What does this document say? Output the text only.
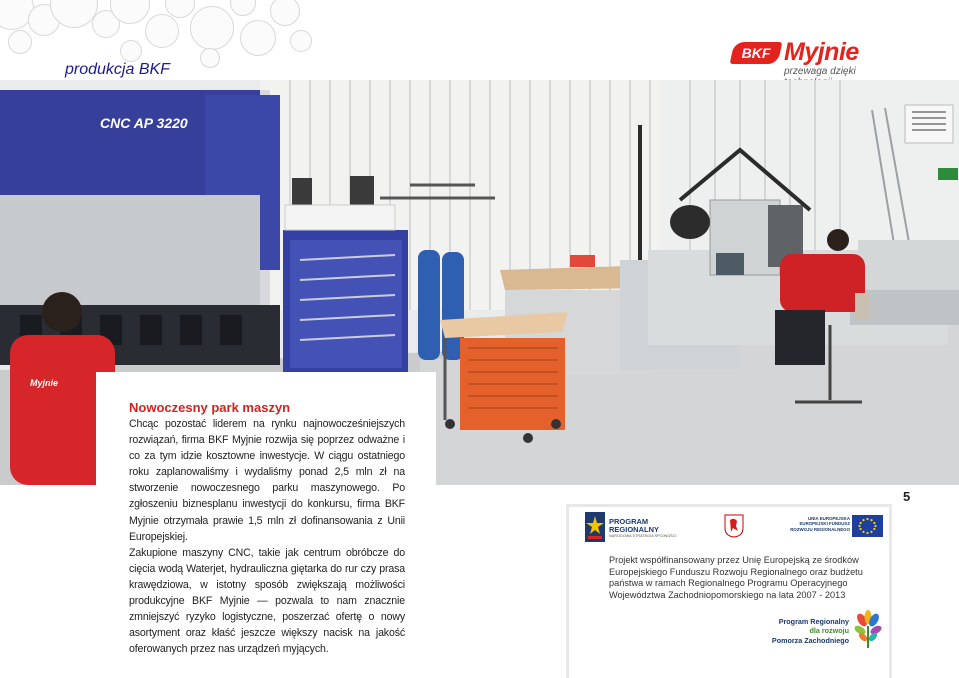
produkcja BKF
BKF Myjnie
przewaga dzięki
CNC AP 3220
Myjnie
Nowoczesny park maszyn

Chcąc pozostać liderem na rynku najnowocześniejszych rozwiązań, firma BKF Myjnie rozwija się poprzez odważne i co za tym idzie kosztowne inwestycje. W ciągu ostatniego roku zaplanowaliśmy i wydaliśmy ponad 2,5 mln zł na stworzenie nowoczesnego parku maszynowego. Po zgłoszeniu biznesplanu inwestycji do konkursu, firma BKF Myjnie otrzymała prawie 1,5 mln zł dofinansowania z Unii Europejskiej.

Zakupione maszyny CNC, takie jak centrum obróbcze do cięcia wodą Waterjet, hydrauliczna giętarka do rur czy prasa krawędziowa, w istotny sposób zwiększają możliwości produkcyjne BKF Myjnie — pozwala to nam znacznie zmniejszyć ryzyko logistyczne, poszerzać ofertę o nowy asortyment oraz kłaść jeszcze większy nacisk na jakość oferowanych przez nas urządzeń myjących.

5
PROGRAM
REGIONALNY
NARODOWA STRATEGIA SPÓJNOŚCI
UNIA EUROPEJSKA
EUROPEJSKI FUNDUSZ
ROZWOJU REGIONALNEGO
Projekt współfinansowany przez Unię Europejską ze środków Europejskiego Funduszu Rozwoju Regionalnego oraz budżetu państwa w ramach Regionalnego Programu Operacyjnego Województwa Zachodniopomorskiego na lata 2007 - 2013
Program Regionalny
dla rozwoju
Pomorza Zachodniego
